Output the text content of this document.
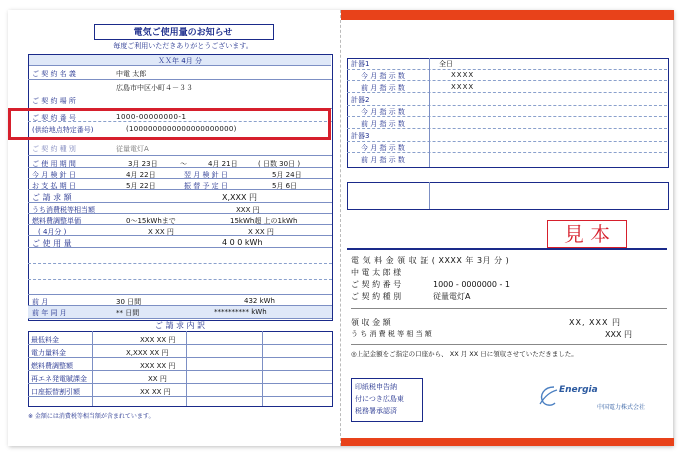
電気ご使用量のお知らせ
毎度ご利用いただきありがとうございます。
ＸＸ年 4月 分
ご 契 約 名 義	中電 太郎
ご 契 約 場 所
広島市中区小町４－３３
ご 契 約 番 号	1000-00000000-1
(供給地点特定番号)	(1000000000000000000000)
ご 契 約 種 別	従量電灯A
ご 使 用 期 間	3月 23日	～	4月 21日	( 日数 30日 )
今 月 検 針 日	4月 22日	翌 月 検 針 日	5月 24日
お 支 払 期 日	5月 22日	振 替 予 定 日	5月 6日
ご 請 求 額	X,XXX 円
うち消費税等相当額	XXX 円
燃料費調整単価	0～15kWhまで	15kWh超 上の1kWh
( 4月分 )	X XX 円	X XX 円
ご 使 用 量	4 0 0 kWh
前 月	30 日間	432 kWh
前 年 同 月	** 日間	********** kWh
ご 請 求 内 訳
最低料金	XXX XX 円
電力量料金	X,XXX XX 円
燃料費調整額	XXX XX 円
再エネ発電賦課金	XX 円
口座振替割引額	XX XX 円
※ 金額には消費税等相当額が含まれています。
計器1	全日
今 月 指 示 数	XXXX
前 月 指 示 数	XXXX
計器2
今 月 指 示 数
前 月 指 示 数
計器3
今 月 指 示 数
前 月 指 示 数
見 本
電 気 料 金 領 収 証 ( XXXX 年 3月 分 )
中 電 太 郎 様
ご 契 約 番 号	1000 - 0000000 - 1
ご 契 約 種 別	従量電灯A
領 収 金 額	XX, XXX 円
う ち 消 費 税 等 相 当 額	XXX 円
◎上記金額をご指定の口座から、 XX 月 XX 日に領収させていただきました。
印紙税申告納
付につき広島東
税務署承認済
Energia
中国電力株式会社
